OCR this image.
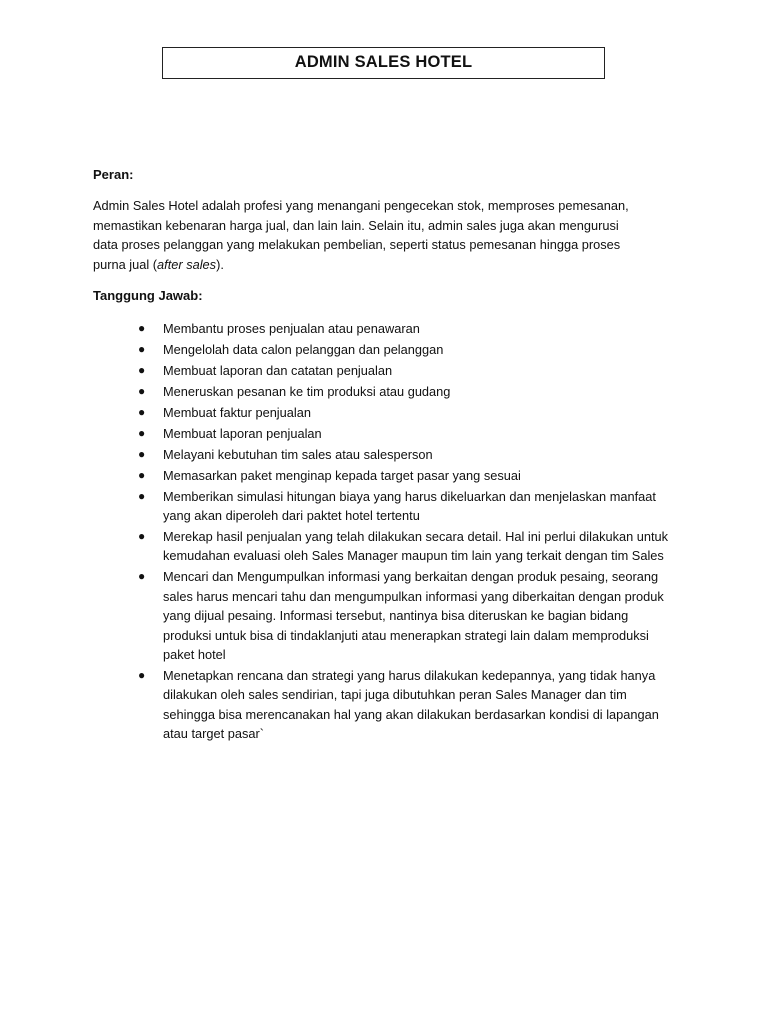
ADMIN SALES HOTEL

Peran:

Admin Sales Hotel adalah profesi yang menangani pengecekan stok, memproses pemesanan, memastikan kebenaran harga jual, dan lain lain. Selain itu, admin sales juga akan mengurusi data proses pelanggan yang melakukan pembelian, seperti status pemesanan hingga proses purna jual (after sales).

Tanggung Jawab:

● Membantu proses penjualan atau penawaran
● Mengelolah data calon pelanggan dan pelanggan
● Membuat laporan dan catatan penjualan
● Meneruskan pesanan ke tim produksi atau gudang
● Membuat faktur penjualan
● Membuat laporan penjualan
● Melayani kebutuhan tim sales atau salesperson
● Memasarkan paket menginap kepada target pasar yang sesuai
● Memberikan simulasi hitungan biaya yang harus dikeluarkan dan menjelaskan manfaat yang akan diperoleh dari paktet hotel tertentu
● Merekap hasil penjualan yang telah dilakukan secara detail. Hal ini perlui dilakukan untuk kemudahan evaluasi oleh Sales Manager maupun tim lain yang terkait dengan tim Sales
● Mencari dan Mengumpulkan informasi yang berkaitan dengan produk pesaing, seorang sales harus mencari tahu dan mengumpulkan informasi yang diberkaitan dengan produk yang dijual pesaing. Informasi tersebut, nantinya bisa diteruskan ke bagian bidang produksi untuk bisa di tindaklanjuti atau menerapkan strategi lain dalam memproduksi paket hotel
● Menetapkan rencana dan strategi yang harus dilakukan kedepannya, yang tidak hanya dilakukan oleh sales sendirian, tapi juga dibutuhkan peran Sales Manager dan tim sehingga bisa merencanakan hal yang akan dilakukan berdasarkan kondisi di lapangan atau target pasar`
